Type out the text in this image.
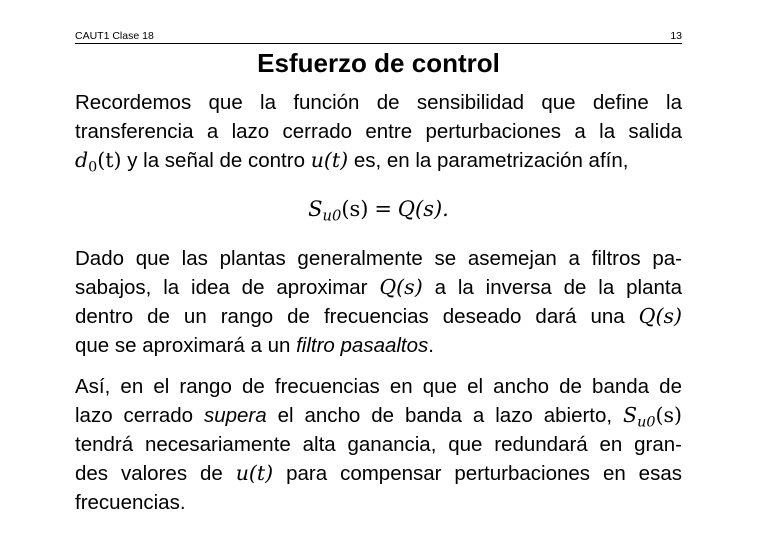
CAUT1 Clase 18	13
Esfuerzo de control
Recordemos que la función de sensibilidad que define la
transferencia a lazo cerrado entre perturbaciones a la salida
$d_0(t)$ y la señal de contro u(t) es, en la parametrización afín,
$S_{u0}(s) = Q(s)$.
Dado que las plantas generalmente se asemejan a filtros pa-
sabajos, la idea de aproximar Q(s) a la inversa de la planta
dentro de un rango de frecuencias deseado dará una Q(s)
que se aproximará a un filtro pasaaltos.
Así, en el rango de frecuencias en que el ancho de banda de
lazo cerrado supera el ancho de banda a lazo abierto, $S_{u0}(s)$
tendrá necesariamente alta ganancia, que redundará en gran-
des valores de u(t) para compensar perturbaciones en esas
frecuencias.
